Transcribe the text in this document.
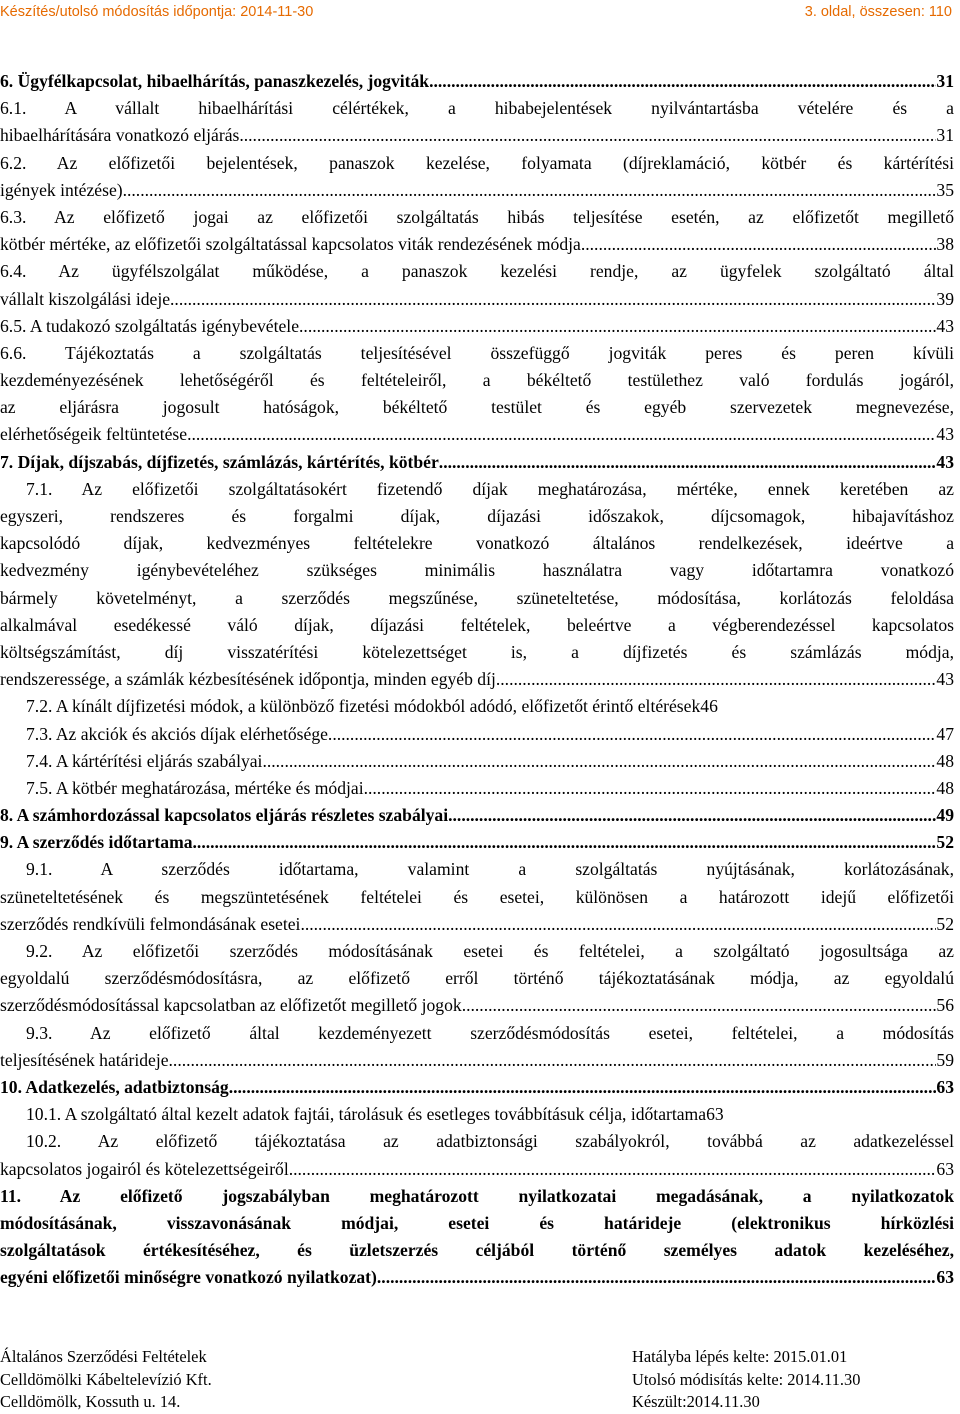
Készítés/utolsó módosítás időpontja: 2014-11-30	3. oldal, összesen: 110
6. Ügyfélkapcsolat, hibaelhárítás, panaszkezelés, jogviták .....	31
6.1. A vállalt hibaelhárítási célértékek, a hibabejelentések nyilvántartásba vételére és a
hibaelhárítására vonatkozó eljárás .....	31
6.2. Az előfizetői bejelentések, panaszok kezelése, folyamata (díjreklamáció, kötbér és kártérítési
igények intézése) .....	35
6.3. Az előfizető jogai az előfizetői szolgáltatás hibás teljesítése esetén, az előfizetőt megillető
kötbér mértéke, az előfizetői szolgáltatással kapcsolatos viták rendezésének módja .....	38
6.4. Az ügyfélszolgálat működése, a panaszok kezelési rendje, az ügyfelek szolgáltató által
vállalt kiszolgálási ideje .....	39
6.5. A tudakozó szolgáltatás igénybevétele .....	43
6.6. Tájékoztatás a szolgáltatás teljesítésével összefüggő jogviták peres és peren kívüli
kezdeményezésének lehetőségéről és feltételeiről, a békéltető testülethez való fordulás jogáról,
az eljárásra jogosult hatóságok, békéltető testület és egyéb szervezetek megnevezése,
elérhetőségeik feltüntetése .....	43
7. Díjak, díjszabás, díjfizetés, számlázás, kártérítés, kötbér .....	43
7.1. Az előfizetői szolgáltatásokért fizetendő díjak meghatározása, mértéke, ennek keretében az
egyszeri, rendszeres és forgalmi díjak, díjazási időszakok, díjcsomagok, hibajavításhoz
kapcsolódó díjak, kedvezményes feltételekre vonatkozó általános rendelkezések, ideértve a
kedvezmény igénybevételéhez szükséges minimális használatra vagy időtartamra vonatkozó
bármely követelményt, a szerződés megszűnése, szüneteltetése, módosítása, korlátozás feloldása
alkalmával esedékessé váló díjak, díjazási feltételek, beleértve a végberendezéssel kapcsolatos
költségszámítást, díj visszatérítési kötelezettséget is, a díjfizetés és számlázás módja,
rendszeressége, a számlák kézbesítésének időpontja, minden egyéb díj .....	43
7.2. A kínált díjfizetési módok, a különböző fizetési módokból adódó, előfizetőt érintő eltérések 46
7.3. Az akciók és akciós díjak elérhetősége .....	47
7.4. A kártérítési eljárás szabályai .....	48
7.5. A kötbér meghatározása, mértéke és módjai .....	48
8. A számhordozással kapcsolatos eljárás részletes szabályai .....	49
9. A szerződés időtartama .....	52
9.1. A szerződés időtartama, valamint a szolgáltatás nyújtásának, korlátozásának,
szüneteltetésének és megszüntetésének feltételei és esetei, különösen a határozott idejű előfizetői
szerződés rendkívüli felmondásának esetei .....	52
9.2. Az előfizetői szerződés módosításának esetei és feltételei, a szolgáltató jogosultsága az
egyoldalú szerződésmódosításra, az előfizető erről történő tájékoztatásának módja, az egyoldalú
szerződésmódosítással kapcsolatban az előfizetőt megillető jogok .....	56
9.3. Az előfizető által kezdeményezett szerződésmódosítás esetei, feltételei, a módosítás
teljesítésének határideje .....	59
10. Adatkezelés, adatbiztonság .....	63
10.1. A szolgáltató által kezelt adatok fajtái, tárolásuk és esetleges továbbításuk célja, időtartama 63
10.2. Az előfizető tájékoztatása az adatbiztonsági szabályokról, továbbá az adatkezeléssel
kapcsolatos jogairól és kötelezettségeiről .....	63
11. Az előfizető jogszabályban meghatározott nyilatkozatai megadásának, a nyilatkozatok
módosításának, visszavonásának módjai, esetei és határideje (elektronikus hírközlési
szolgáltatások értékesítéséhez, és üzletszerzés céljából történő személyes adatok kezeléséhez,
egyéni előfizetői minőségre vonatkozó nyilatkozat) .....	63
Általános Szerződési Feltételek	Hatályba lépés kelte: 2015.01.01
Celldömölki Kábeltelevízió Kft.	Utolsó módisítás kelte: 2014.11.30
Celldömölk, Kossuth u. 14.	Készült:2014.11.30
